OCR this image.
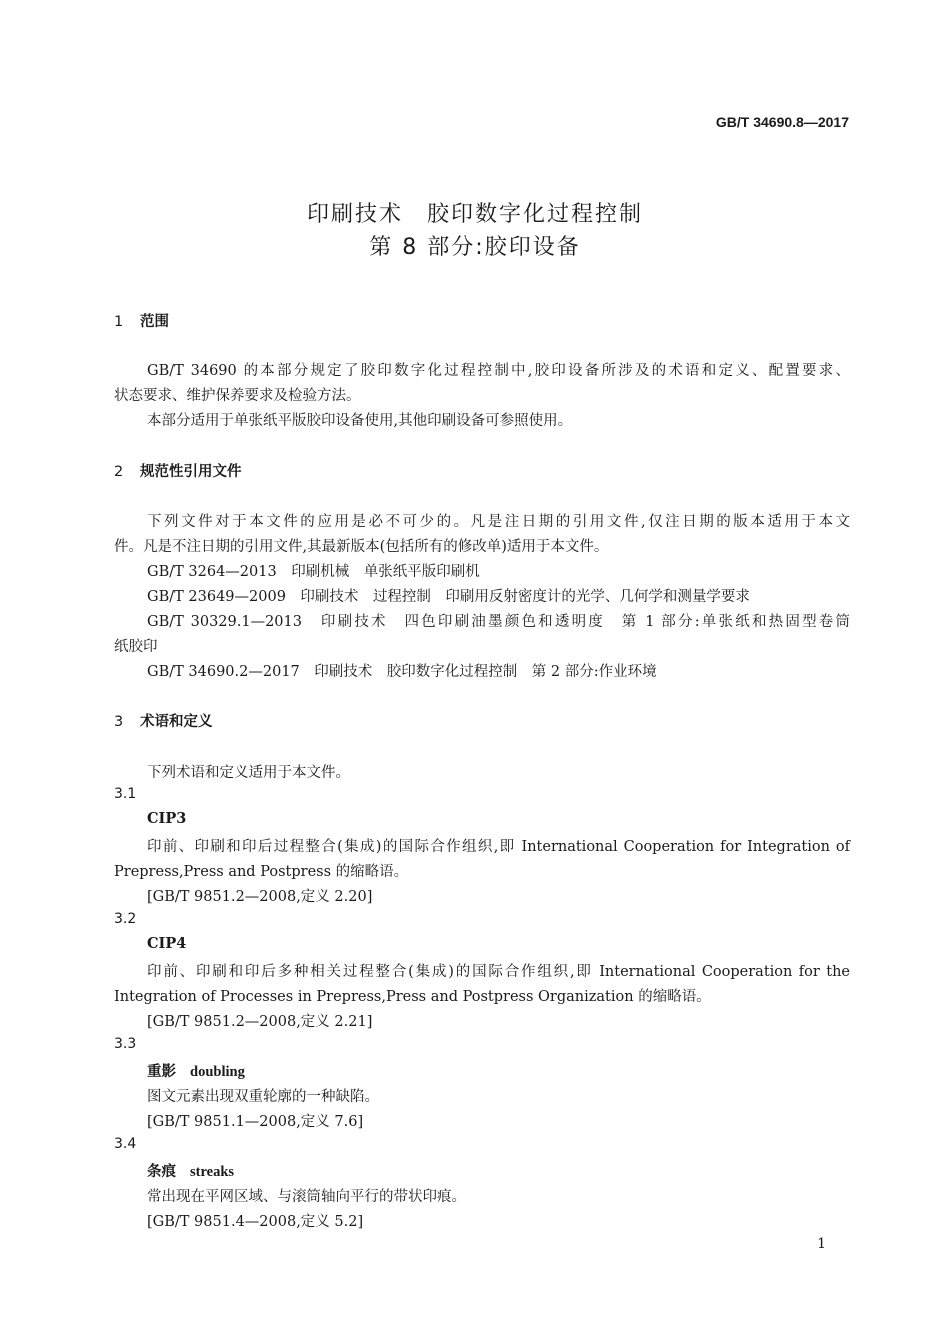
GB/T 34690.8—2017
印刷技术　胶印数字化过程控制
第 8 部分:胶印设备
1 范围
GB/T 34690 的本部分规定了胶印数字化过程控制中,胶印设备所涉及的术语和定义、配置要求、
状态要求、维护保养要求及检验方法。
本部分适用于单张纸平版胶印设备使用,其他印刷设备可参照使用。
2 规范性引用文件
下列文件对于本文件的应用是必不可少的。凡是注日期的引用文件,仅注日期的版本适用于本文
件。凡是不注日期的引用文件,其最新版本(包括所有的修改单)适用于本文件。
GB/T 3264—2013　印刷机械　单张纸平版印刷机
GB/T 23649—2009　印刷技术　过程控制　印刷用反射密度计的光学、几何学和测量学要求
GB/T 30329.1—2013　印刷技术　四色印刷油墨颜色和透明度　第 1 部分:单张纸和热固型卷筒
纸胶印
GB/T 34690.2—2017　印刷技术　胶印数字化过程控制　第 2 部分:作业环境
3 术语和定义
下列术语和定义适用于本文件。
3.1
CIP3
印前、印刷和印后过程整合(集成)的国际合作组织,即 International Cooperation for Integration of
Prepress,Press and Postpress 的缩略语。
[GB/T 9851.2—2008,定义 2.20]
3.2
CIP4
印前、印刷和印后多种相关过程整合(集成)的国际合作组织,即 International Cooperation for the
Integration of Processes in Prepress,Press and Postpress Organization 的缩略语。
[GB/T 9851.2—2008,定义 2.21]
3.3
重影 doubling
图文元素出现双重轮廓的一种缺陷。
[GB/T 9851.1—2008,定义 7.6]
3.4
条痕 streaks
常出现在平网区域、与滚筒轴向平行的带状印痕。
[GB/T 9851.4—2008,定义 5.2]
1
